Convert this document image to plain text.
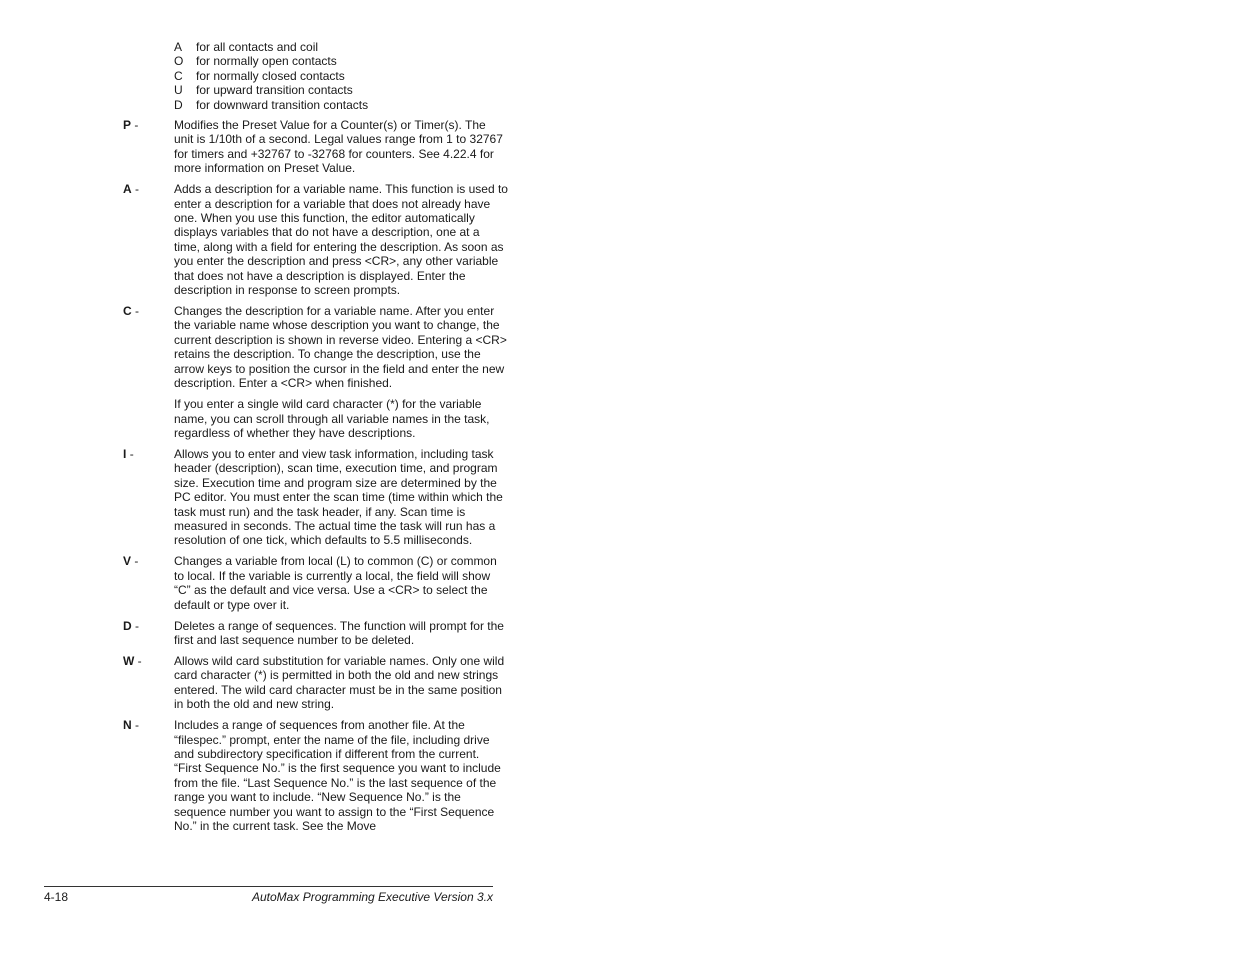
A	for all contacts and coil
O	for normally open contacts
C	for normally closed contacts
U	for upward transition contacts
D	for downward transition contacts
P -	Modifies the Preset Value for a Counter(s) or Timer(s). The unit is 1/10th of a second. Legal values range from 1 to 32767 for timers and +32767 to -32768 for counters. See 4.22.4 for more information on Preset Value.

A -	Adds a description for a variable name. This function is used to enter a description for a variable that does not already have one. When you use this function, the editor automatically displays variables that do not have a description, one at a time, along with a field for entering the description. As soon as you enter the description and press <CR>, any other variable that does not have a description is displayed. Enter the description in response to screen prompts.

C -	Changes the description for a variable name. After you enter the variable name whose description you want to change, the current description is shown in reverse video. Entering a <CR> retains the description. To change the description, use the arrow keys to position the cursor in the field and enter the new description. Enter a <CR> when finished.

If you enter a single wild card character (*) for the variable name, you can scroll through all variable names in the task, regardless of whether they have descriptions.

I -	Allows you to enter and view task information, including task header (description), scan time, execution time, and program size. Execution time and program size are determined by the PC editor. You must enter the scan time (time within which the task must run) and the task header, if any. Scan time is measured in seconds. The actual time the task will run has a resolution of one tick, which defaults to 5.5 milliseconds.

V -	Changes a variable from local (L) to common (C) or common to local. If the variable is currently a local, the field will show “C” as the default and vice versa. Use a <CR> to select the default or type over it.

D -	Deletes a range of sequences. The function will prompt for the first and last sequence number to be deleted.

W -	Allows wild card substitution for variable names. Only one wild card character (*) is permitted in both the old and new strings entered. The wild card character must be in the same position in both the old and new string.

N -	Includes a range of sequences from another file. At the “filespec.” prompt, enter the name of the file, including drive and subdirectory specification if different from the current. “First Sequence No.” is the first sequence you want to include from the file. “Last Sequence No.” is the last sequence of the range you want to include. “New Sequence No.” is the sequence number you want to assign to the “First Sequence No.” in the current task. See the Move

4-18	AutoMax Programming Executive Version 3.x
